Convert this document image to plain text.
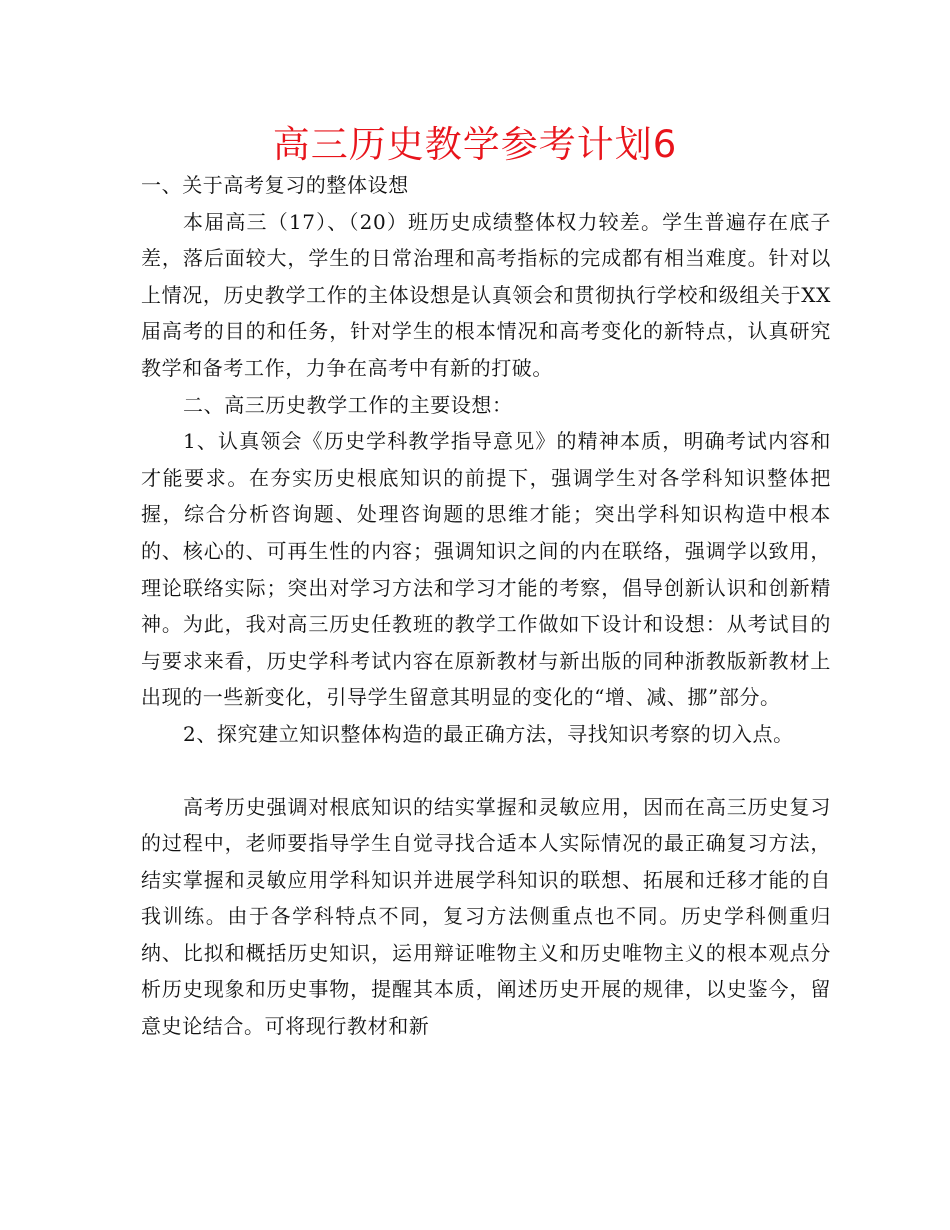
高三历史教学参考计划6

一、关于高考复习的整体设想

本届高三（17）、（20）班历史成绩整体权力较差。学生普遍存在底子差，落后面较大，学生的日常治理和高考指标的完成都有相当难度。针对以上情况，历史教学工作的主体设想是认真领会和贯彻执行学校和级组关于XX届高考的目的和任务，针对学生的根本情况和高考变化的新特点，认真研究教学和备考工作，力争在高考中有新的打破。

二、高三历史教学工作的主要设想：

1、认真领会《历史学科教学指导意见》的精神本质，明确考试内容和才能要求。在夯实历史根底知识的前提下，强调学生对各学科知识整体把握，综合分析咨询题、处理咨询题的思维才能；突出学科知识构造中根本的、核心的、可再生性的内容；强调知识之间的内在联络，强调学以致用，理论联络实际；突出对学习方法和学习才能的考察，倡导创新认识和创新精神。为此，我对高三历史任教班的教学工作做如下设计和设想：从考试目的与要求来看，历史学科考试内容在原新教材与新出版的同种浙教版新教材上出现的一些新变化，引导学生留意其明显的变化的“增、减、挪”部分。

2、探究建立知识整体构造的最正确方法，寻找知识考察的切入点。

高考历史强调对根底知识的结实掌握和灵敏应用，因而在高三历史复习的过程中，老师要指导学生自觉寻找合适本人实际情况的最正确复习方法，结实掌握和灵敏应用学科知识并进展学科知识的联想、拓展和迁移才能的自我训练。由于各学科特点不同，复习方法侧重点也不同。历史学科侧重归纳、比拟和概括历史知识，运用辩证唯物主义和历史唯物主义的根本观点分析历史现象和历史事物，提醒其本质，阐述历史开展的规律，以史鉴今，留意史论结合。可将现行教材和新
